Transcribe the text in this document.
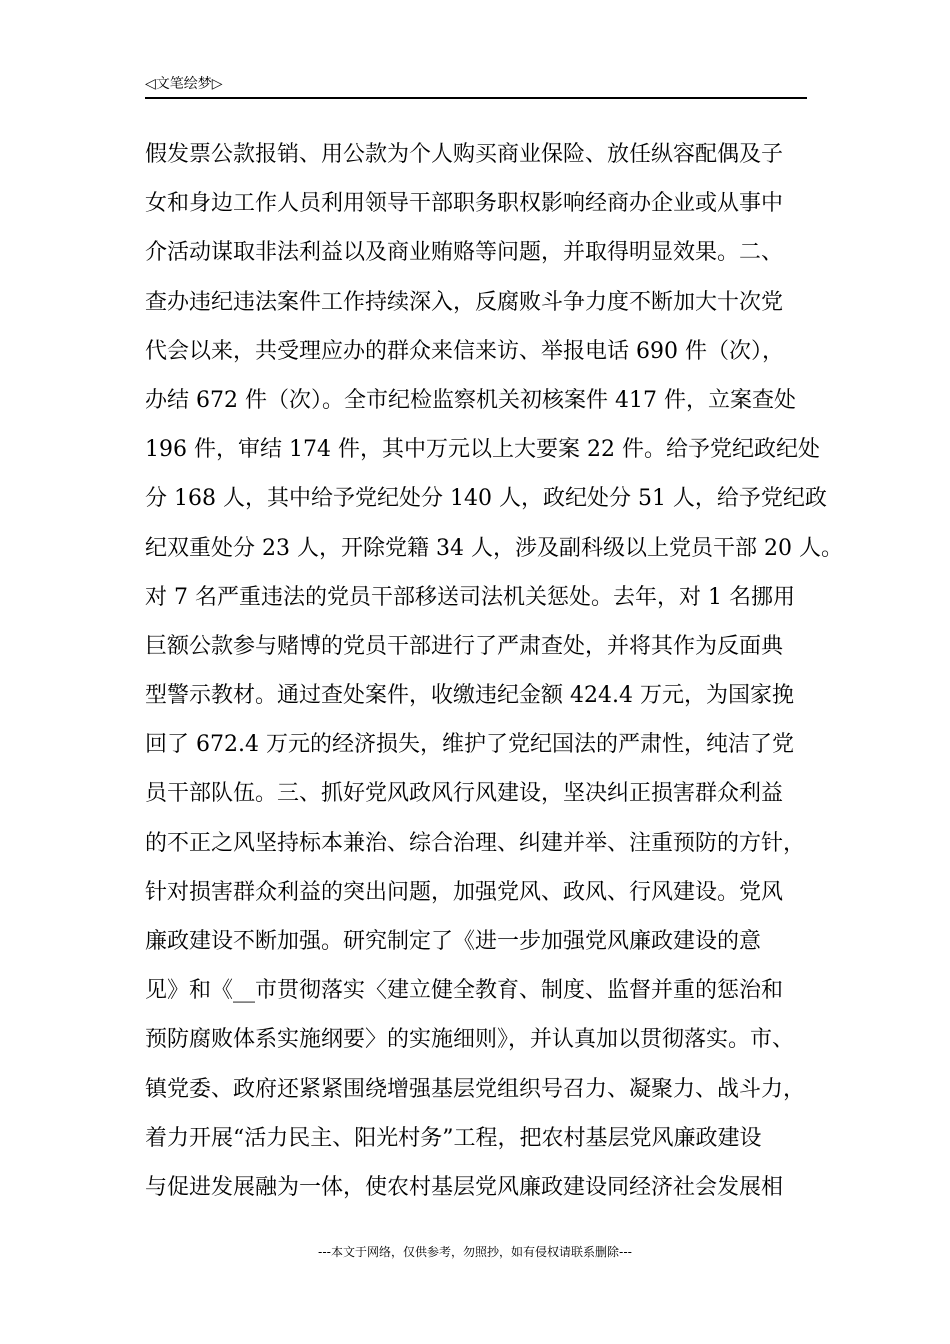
◁文笔绘梦▷
假发票公款报销、用公款为个人购买商业保险、放任纵容配偶及子
女和身边工作人员利用领导干部职务职权影响经商办企业或从事中
介活动谋取非法利益以及商业贿赂等问题，并取得明显效果。二、
查办违纪违法案件工作持续深入，反腐败斗争力度不断加大十次党
代会以来，共受理应办的群众来信来访、举报电话 690 件（次），
办结 672 件（次）。全市纪检监察机关初核案件 417 件，立案查处
196 件，审结 174 件，其中万元以上大要案 22 件。给予党纪政纪处
分 168 人，其中给予党纪处分 140 人，政纪处分 51 人，给予党纪政
纪双重处分 23 人，开除党籍 34 人，涉及副科级以上党员干部 20 人。
对 7 名严重违法的党员干部移送司法机关惩处。去年，对 1 名挪用
巨额公款参与赌博的党员干部进行了严肃查处，并将其作为反面典
型警示教材。通过查处案件，收缴违纪金额 424.4 万元，为国家挽
回了 672.4 万元的经济损失，维护了党纪国法的严肃性，纯洁了党
员干部队伍。三、抓好党风政风行风建设，坚决纠正损害群众利益
的不正之风坚持标本兼治、综合治理、纠建并举、注重预防的方针，
针对损害群众利益的突出问题，加强党风、政风、行风建设。党风
廉政建设不断加强。研究制定了《进一步加强党风廉政建设的意
见》和《__市贯彻落实〈建立健全教育、制度、监督并重的惩治和
预防腐败体系实施纲要〉的实施细则》，并认真加以贯彻落实。市、
镇党委、政府还紧紧围绕增强基层党组织号召力、凝聚力、战斗力，
着力开展“活力民主、阳光村务”工程，把农村基层党风廉政建设
与促进发展融为一体，使农村基层党风廉政建设同经济社会发展相
---本文于网络，仅供参考，勿照抄，如有侵权请联系删除---
